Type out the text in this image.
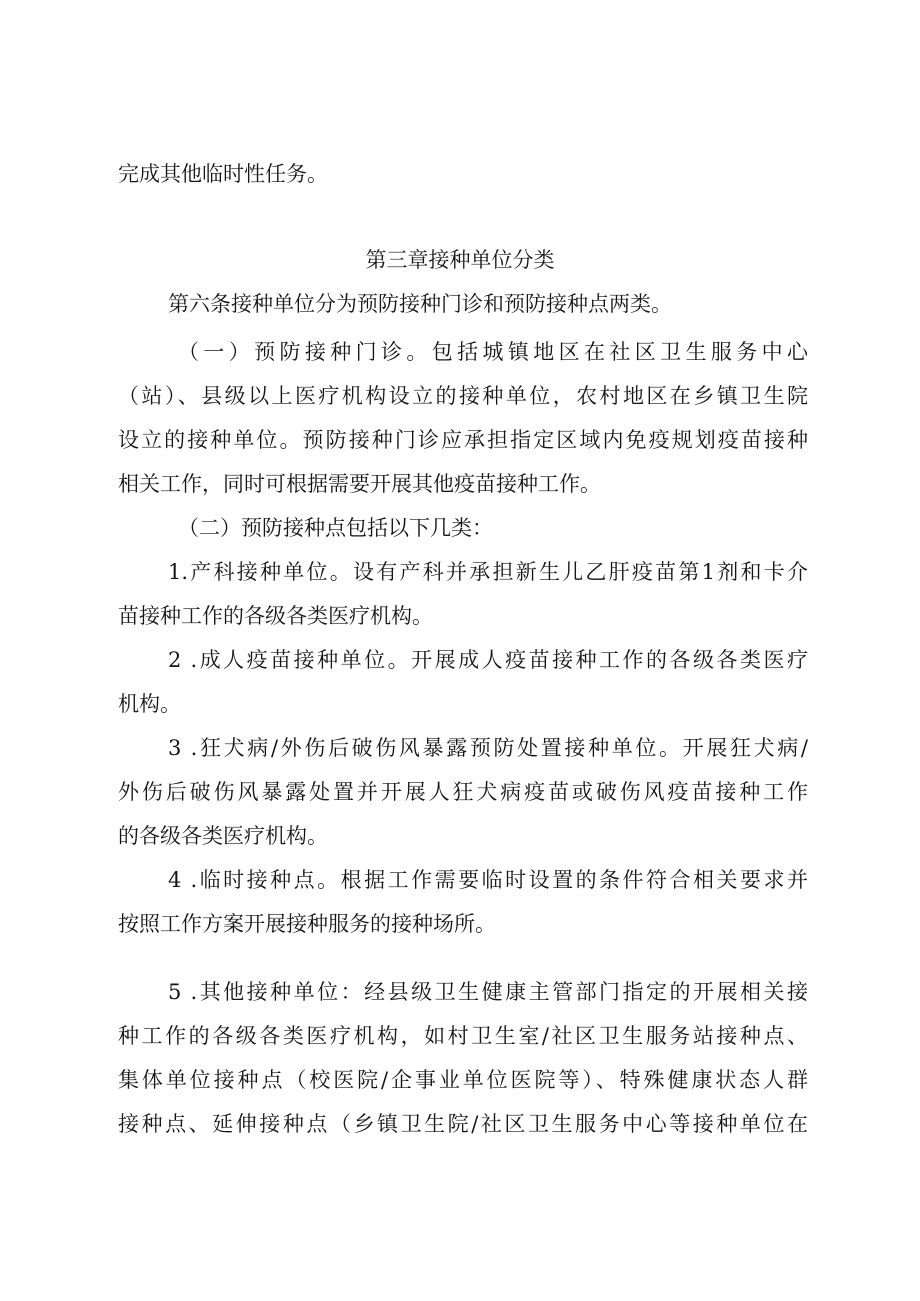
完成其他临时性任务。
第三章接种单位分类
第六条接种单位分为预防接种门诊和预防接种点两类。
（一）预防接种门诊。包括城镇地区在社区卫生服务中心
（站）、县级以上医疗机构设立的接种单位，农村地区在乡镇卫生院
设立的接种单位。预防接种门诊应承担指定区域内免疫规划疫苗接种
相关工作，同时可根据需要开展其他疫苗接种工作。
（二）预防接种点包括以下几类：
1.产科接种单位。设有产科并承担新生儿乙肝疫苗第1剂和卡介
苗接种工作的各级各类医疗机构。
2 .成人疫苗接种单位。开展成人疫苗接种工作的各级各类医疗
机构。
3 .狂犬病/外伤后破伤风暴露预防处置接种单位。开展狂犬病/
外伤后破伤风暴露处置并开展人狂犬病疫苗或破伤风疫苗接种工作
的各级各类医疗机构。
4 .临时接种点。根据工作需要临时设置的条件符合相关要求并
按照工作方案开展接种服务的接种场所。
5 .其他接种单位：经县级卫生健康主管部门指定的开展相关接
种工作的各级各类医疗机构，如村卫生室/社区卫生服务站接种点、
集体单位接种点（校医院/企事业单位医院等）、特殊健康状态人群
接种点、延伸接种点（乡镇卫生院/社区卫生服务中心等接种单位在
